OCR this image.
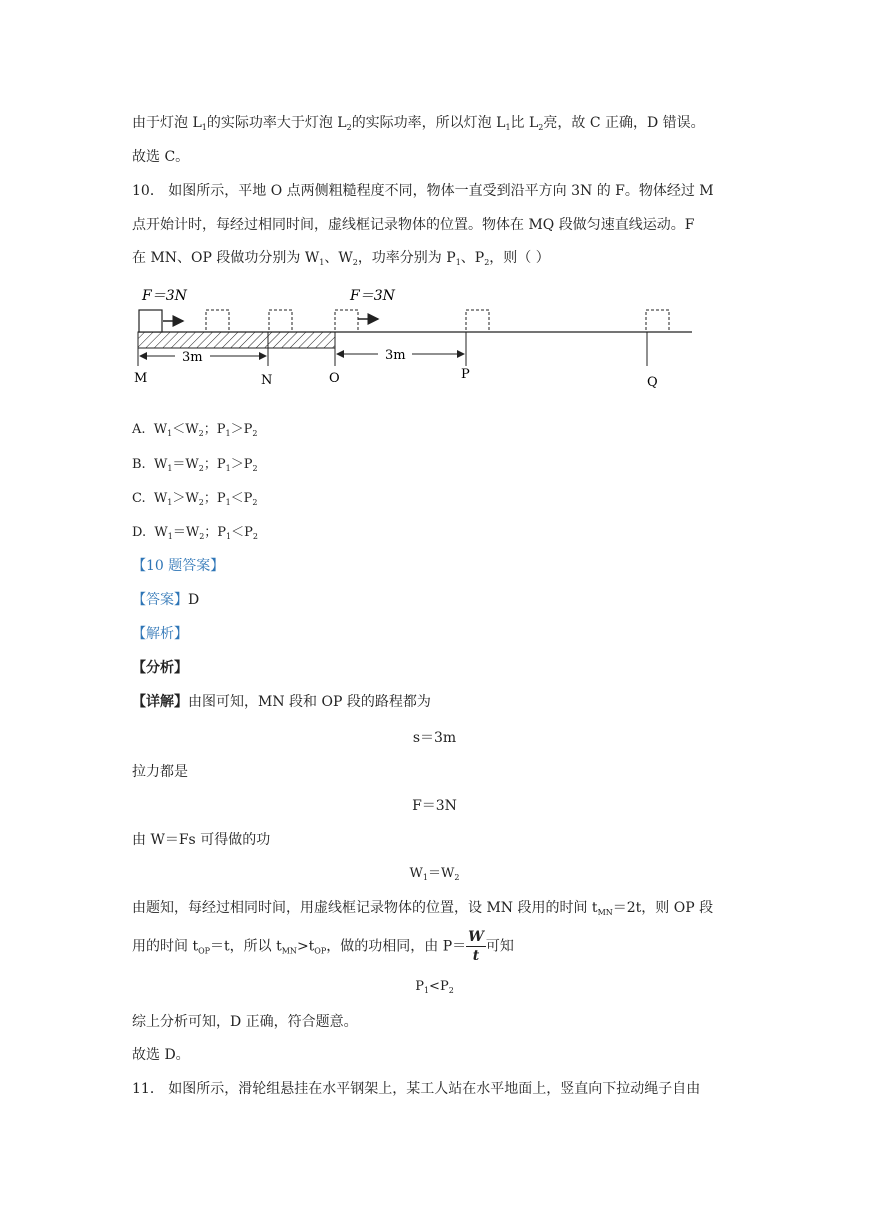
由于灯泡 $L_1$的实际功率大于灯泡 $L_2$的实际功率，所以灯泡 $L_1$比 $L_2$亮，故 C 正确，D 错误。
故选 C。
10． 如图所示，平地 O 点两侧粗糙程度不同，物体一直受到沿平方向 3N 的 F。物体经过 M
点开始计时，每经过相同时间，虚线框记录物体的位置。物体在 MQ 段做匀速直线运动。F
在 MN、OP 段做功分别为 $W_1$、$W_2$，功率分别为 $P_1$、$P_2$，则（ ）
F＝3N	F＝3N
3m	3m
M	N	O	P
Q
A. $W_1<W_2$；$P_1>P_2$
B. $W_1=W_2$；$P_1>P_2$
C. $W_1>W_2$；$P_1<P_2$
D. $W_1=W_2$；$P_1<P_2$
【10 题答案】
【答案】D
【解析】
【分析】
【详解】由图可知，MN 段和 OP 段的路程都为
s＝3m
拉力都是
F＝3N
由 W＝Fs 可得做的功
$W_1=W_2$
由题知，每经过相同时间，用虚线框记录物体的位置，设 MN 段用的时间 $t_{MN}=2t$，则 OP 段
用的时间 $t_{OP}=t$，所以 $t_{MN}>t_{OP}$，做的功相同，由 $P= \frac{W}{t}$ 可知
$P_1<P_2$
综上分析可知，D 正确，符合题意。
故选 D。
11． 如图所示，滑轮组悬挂在水平钢架上，某工人站在水平地面上，竖直向下拉动绳子自由
